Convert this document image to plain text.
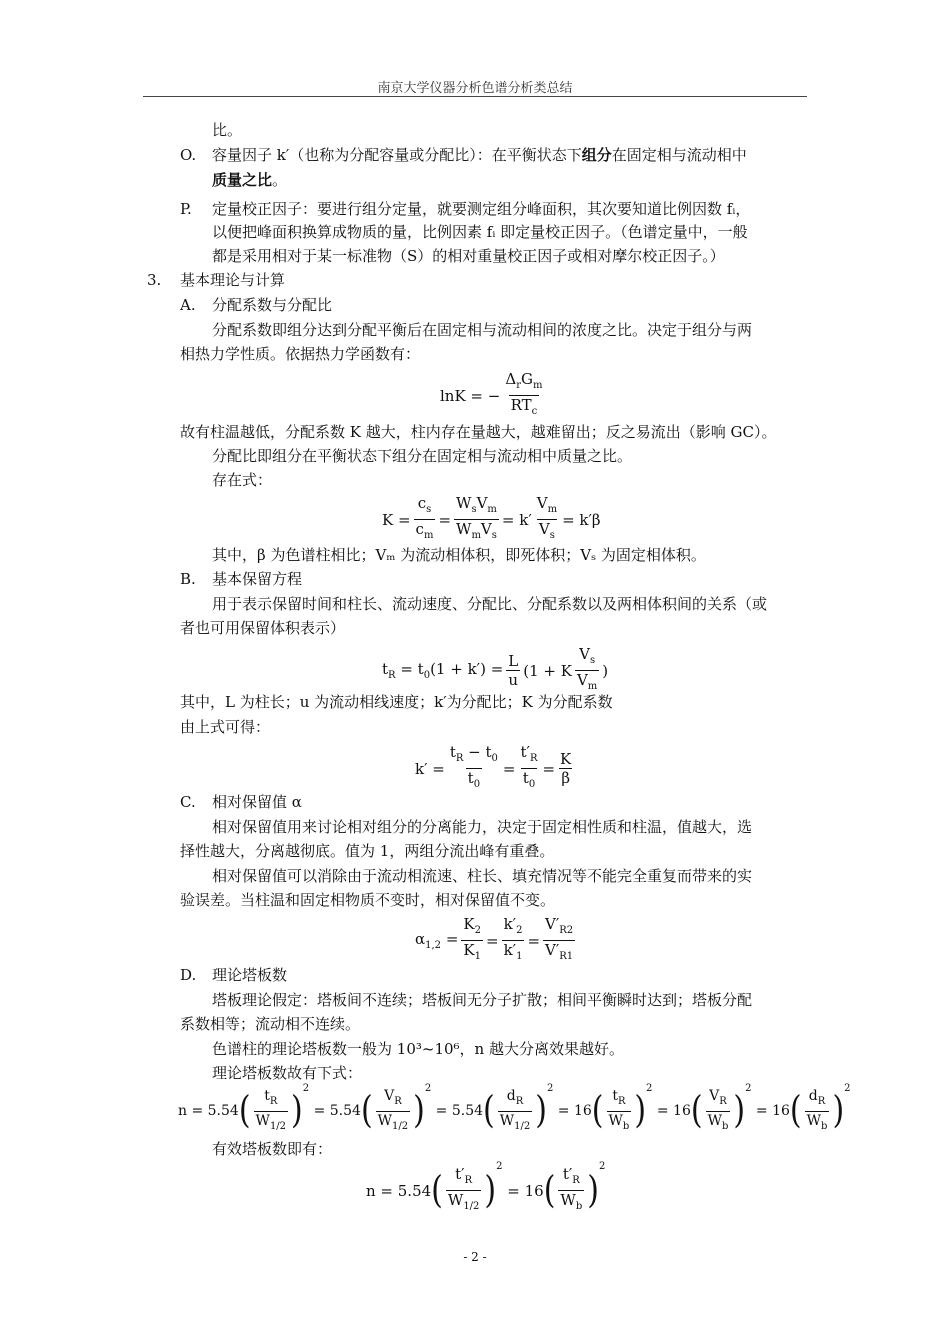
南京大学仪器分析色谱分析类总结
比。
O. 容量因子 k′（也称为分配容量或分配比）：在平衡状态下组分在固定相与流动相中
质量之比。
P. 定量校正因子：要进行组分定量，就要测定组分峰面积，其次要知道比例因数 fᵢ，
以便把峰面积换算成物质的量，比例因素 fᵢ 即定量校正因子。（色谱定量中，一般
都是采用相对于某一标准物（S）的相对重量校正因子或相对摩尔校正因子。）
3. 基本理论与计算
A. 分配系数与分配比
分配系数即组分达到分配平衡后在固定相与流动相间的浓度之比。决定于组分与两
相热力学性质。依据热力学函数有：
lnK = − $\frac{\Delta_rG_m}{RT_c}$
故有柱温越低，分配系数 K 越大，柱内存在量越大，越难留出；反之易流出（影响 GC）。
分配比即组分在平衡状态下组分在固定相与流动相中质量之比。
存在式：
$K = \frac{c_s}{c_m} = \frac{W_sV_m}{W_mV_s} = k' \frac{V_m}{V_s} = k'\beta$
其中，β 为色谱柱相比；Vₘ 为流动相体积，即死体积；Vₛ 为固定相体积。
B. 基本保留方程
用于表示保留时间和柱长、流动速度、分配比、分配系数以及两相体积间的关系（或
者也可用保留体积表示）
$t_R = t_0(1 + k') = \frac{L}{u} (1 + K \frac{V_s}{V_m}$ )
其中，L 为柱长；u 为流动相线速度；k′为分配比；K 为分配系数
由上式可得：
$k' = \frac{t_R - t_0}{t_0} = \frac{t'_R}{t_0} = \frac{K}{\beta}$
C. 相对保留值 α
相对保留值用来讨论相对组分的分离能力，决定于固定相性质和柱温，值越大，选
择性越大，分离越彻底。值为 1，两组分流出峰有重叠。
相对保留值可以消除由于流动相流速、柱长、填充情况等不能完全重复而带来的实
验误差。当柱温和固定相物质不变时，相对保留值不变。
$\alpha_{1,2} = \frac{K_2}{K_1} = \frac{k'_2}{k'_1} = \frac{V'_{R2}}{V'_{R1}}$
D. 理论塔板数
塔板理论假定：塔板间不连续；塔板间无分子扩散；相间平衡瞬时达到；塔板分配
系数相等；流动相不连续。
色谱柱的理论塔板数一般为 10³~10⁶，n 越大分离效果越好。
理论塔板数故有下式：
n = 5.54 ( $\frac{t_R}{W_{1/2}}$ )
2
= 5.54 ( $\frac{V_R}{W_{1/2}}$ )
2
= 5.54 ( $\frac{d_R}{W_{1/2}}$ )
2
= 16 ( $\frac{t_R}{W_b}$ )
2
= 16 ( $\frac{V_R}{W_b}$ )
2
= 16 ( $\frac{d_R}{W_b}$ )
2
有效塔板数即有：
n = 5.54 ( $\frac{t'_R}{W_{1/2}}$ )
2
= 16 ( $\frac{t'_R}{W_b}$ )
2
- 2 -
